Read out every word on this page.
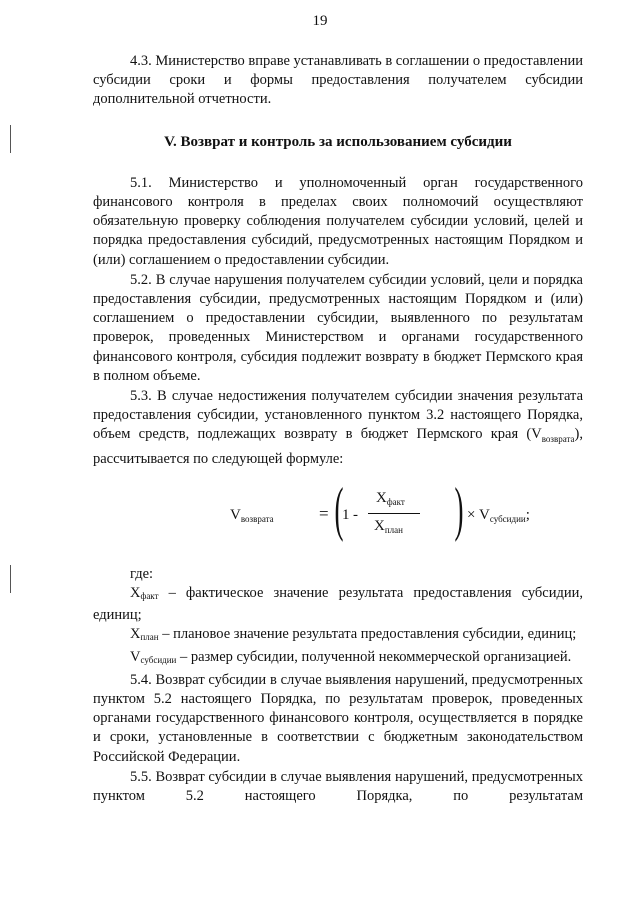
19

4.3. Министерство вправе устанавливать в соглашении о предоставлении субсидии сроки и формы предоставления получателем субсидии дополнительной отчетности.

V. Возврат и контроль за использованием субсидии

5.1. Министерство и уполномоченный орган государственного финансового контроля в пределах своих полномочий осуществляют обязательную проверку соблюдения получателем субсидии условий, целей и порядка предоставления субсидий, предусмотренных настоящим Порядком и (или) соглашением о предоставлении субсидии.

5.2. В случае нарушения получателем субсидии условий, цели и порядка предоставления субсидии, предусмотренных настоящим Порядком и (или) соглашением о предоставлении субсидии, выявленного по результатам проверок, проведенных Министерством и органами государственного финансового контроля, субсидия подлежит возврату в бюджет Пермского края в полном объеме.

5.3. В случае недостижения получателем субсидии значения результата предоставления субсидии, установленного пунктом 3.2 настоящего Порядка, объем средств, подлежащих возврату в бюджет Пермского края $(V_{возврата})$, рассчитывается по следующей формуле:

$V_{возврата}$	= (
1 -
$X_{факт}$
$X_{план}$ ) × $V_{субсидии}$;

где:

$X_{факт}$ – фактическое значение результата предоставления субсидии, единиц;

$X_{план}$ – плановое значение результата предоставления субсидии, единиц;

$V_{субсидии}$ – размер субсидии, полученной некоммерческой организацией.

5.4. Возврат субсидии в случае выявления нарушений, предусмотренных пунктом 5.2 настоящего Порядка, по результатам проверок, проведенных органами государственного финансового контроля, осуществляется в порядке и сроки, установленные в соответствии с бюджетным законодательством Российской Федерации.

5.5. Возврат субсидии в случае выявления нарушений, предусмотренных пунктом 5.2 настоящего Порядка, по результатам
